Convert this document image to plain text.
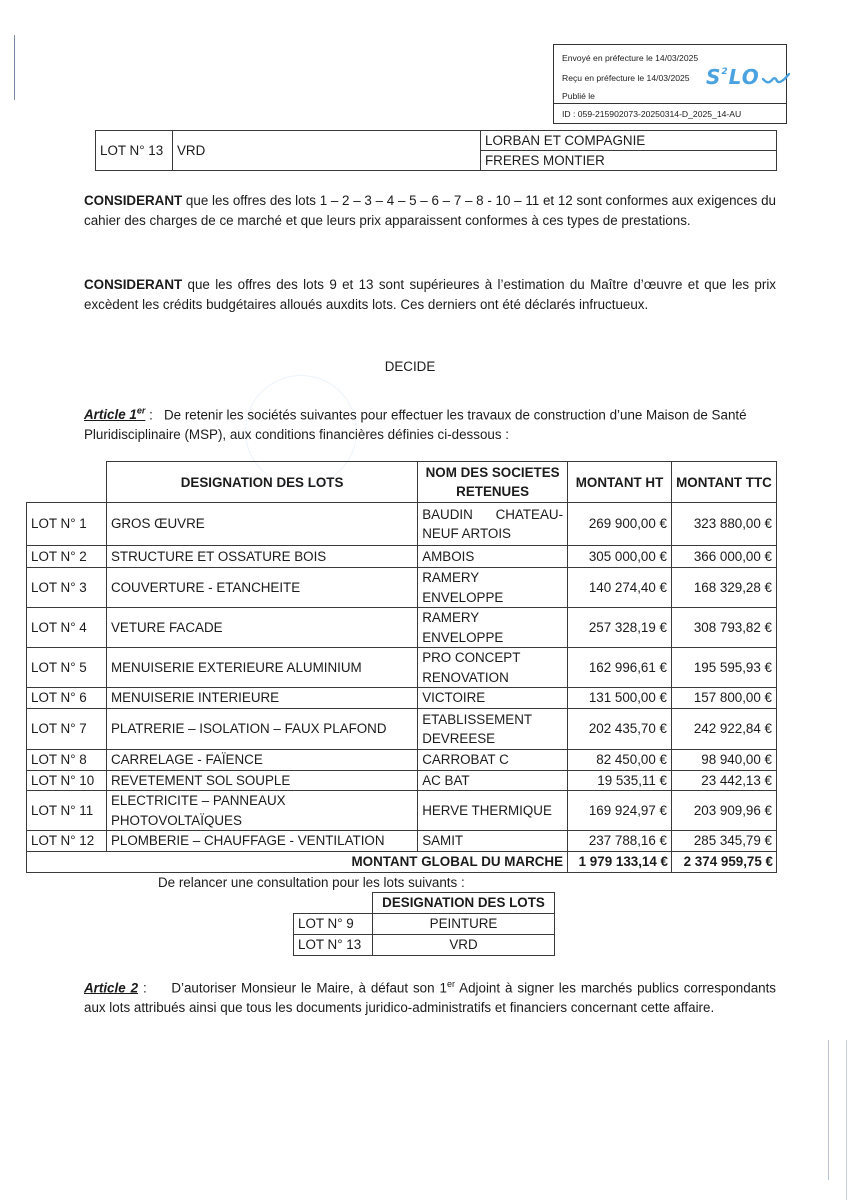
Envoyé en préfecture le 14/03/2025
Reçu en préfecture le 14/03/2025
Publié le
$S^2LO$
ID : 059-215902073-20250314-D_2025_14-AU
LOT N° 13	VRD	LORBAN ET COMPAGNIE
FRERES MONTIER
CONSIDERANT que les offres des lots 1 – 2 – 3 – 4 – 5 – 6 – 7 – 8 - 10 – 11 et 12 sont conformes aux exigences du cahier des charges de ce marché et que leurs prix apparaissent conformes à ces types de prestations.
CONSIDERANT que les offres des lots 9 et 13 sont supérieures à l’estimation du Maître d’œuvre et que les prix excèdent les crédits budgétaires alloués auxdits lots. Ces derniers ont été déclarés infructueux.
DECIDE
Article 1er : De retenir les sociétés suivantes pour effectuer les travaux de construction d’une Maison de Santé Pluridisciplinaire (MSP), aux conditions financières définies ci-dessous :
	DESIGNATION DES LOTS	NOM DES SOCIETES RETENUES	MONTANT HT	MONTANT TTC
LOT N° 1	GROS ŒUVRE	BAUDIN CHATEAU-NEUF ARTOIS	269 900,00 €	323 880,00 €
LOT N° 2	STRUCTURE ET OSSATURE BOIS	AMBOIS	305 000,00 €	366 000,00 €
LOT N° 3	COUVERTURE - ETANCHEITE	RAMERY ENVELOPPE	140 274,40 €	168 329,28 €
LOT N° 4	VETURE FACADE	RAMERY ENVELOPPE	257 328,19 €	308 793,82 €
LOT N° 5	MENUISERIE EXTERIEURE ALUMINIUM	PRO CONCEPT RENOVATION	162 996,61 €	195 595,93 €
LOT N° 6	MENUISERIE INTERIEURE	VICTOIRE	131 500,00 €	157 800,00 €
LOT N° 7	PLATRERIE – ISOLATION – FAUX PLAFOND	ETABLISSEMENT DEVREESE	202 435,70 €	242 922,84 €
LOT N° 8	CARRELAGE - FAÏENCE	CARROBAT C	82 450,00 €	98 940,00 €
LOT N° 10	REVETEMENT SOL SOUPLE	AC BAT	19 535,11 €	23 442,13 €
LOT N° 11	ELECTRICITE – PANNEAUX PHOTOVOLTAÏQUES	HERVE THERMIQUE	169 924,97 €	203 909,96 €
LOT N° 12	PLOMBERIE – CHAUFFAGE - VENTILATION	SAMIT	237 788,16 €	285 345,79 €
MONTANT GLOBAL DU MARCHE			1 979 133,14 €	2 374 959,75 €
De relancer une consultation pour les lots suivants :
	DESIGNATION DES LOTS
LOT N° 9	PEINTURE
LOT N° 13	VRD
Article 2 : D’autoriser Monsieur le Maire, à défaut son 1er Adjoint à signer les marchés publics correspondants aux lots attribués ainsi que tous les documents juridico-administratifs et financiers concernant cette affaire.
